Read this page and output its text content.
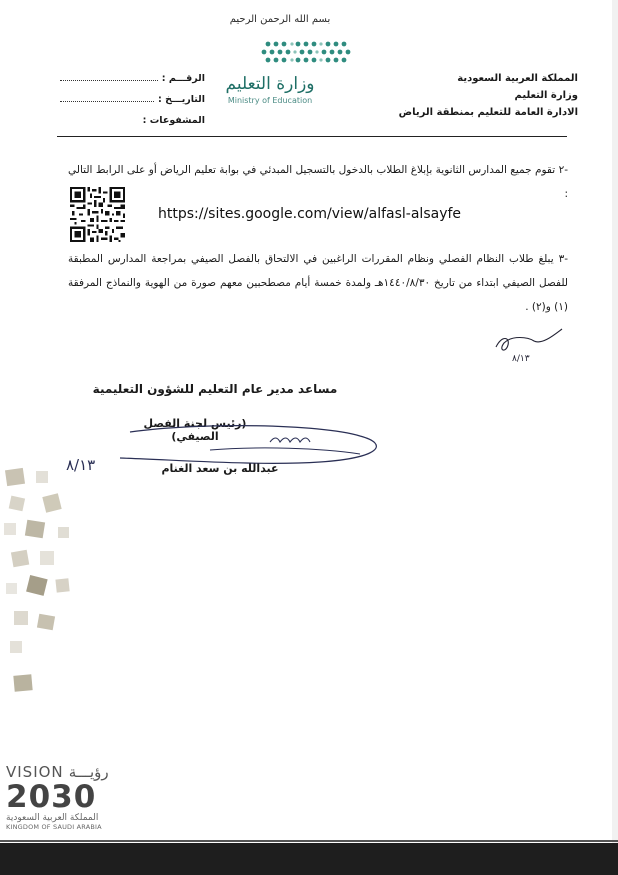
بسم الله الرحمن الرحيم
وزارة التعليم
Ministry of Education
المملكة العربية السعودية
وزارة التعليم
الادارة العامة للتعليم بمنطقة الرياض
الرقـــم :
التاريـــخ :
المشفوعات :
-٢ تقوم جميع المدارس الثانوية بإبلاغ الطلاب بالدخول بالتسجيل المبدئي في بوابة تعليم الرياض أو على الرابط التالي :
https://sites.google.com/view/alfasl-alsayfe
-٣ يبلغ طلاب النظام الفصلي ونظام المقررات الراغبين في الالتحاق بالفصل الصيفي بمراجعة المدارس المطبقة للفصل الصيفي ابتداء من تاريخ ١٤٤٠/٨/٣٠هـ ولمدة خمسة أيام مصطحبين معهم صورة من الهوية والنماذج المرفقة (١) و(٢) .
٨/١٣
مساعد مدير عام التعليم للشؤون التعليمية
(رئيس لجنة الفصل الصيفي)
٨/١٣	عبدالله بن سعد الغنام
VISION رؤيـــة
2030
المملكة العربية السعودية
KINGDOM OF SAUDI ARABIA
